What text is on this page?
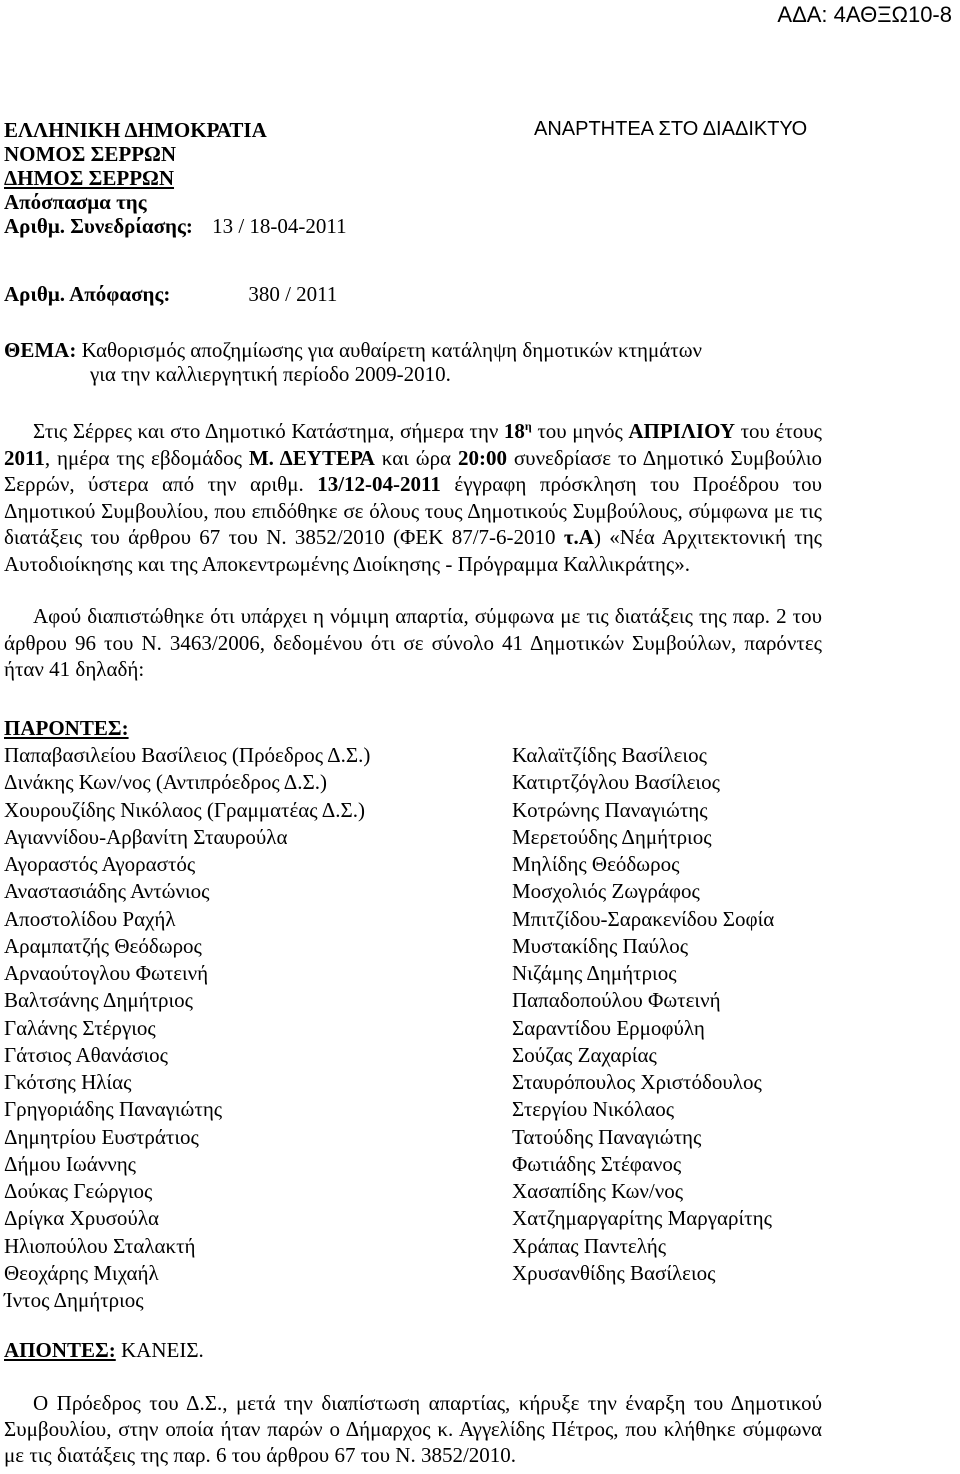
ΑΔΑ: 4ΑΘΞΩ10-8
ΕΛΛΗΝΙΚΗ ΔΗΜΟΚΡΑΤΙΑ
ΝΟΜΟΣ ΣΕΡΡΩΝ
ΔΗΜΟΣ ΣΕΡΡΩΝ
Απόσπασμα της
Αριθμ. Συνεδρίασης: 13 / 18-04-2011
ΑΝΑΡΤΗΤΕΑ ΣΤΟ ΔΙΑΔΙΚΤΥΟ
Αριθμ. Απόφασης:	380 / 2011
ΘΕΜΑ: Καθορισμός αποζημίωσης για αυθαίρετη κατάληψη δημοτικών κτημάτων
για την καλλιεργητική περίοδο 2009-2010.
Στις Σέρρες και στο Δημοτικό Κατάστημα, σήμερα την $18^\eta$ του μηνός ΑΠΡΙΛΙΟΥ του έτους 2011, ημέρα της εβδομάδος Μ. ΔΕΥΤΕΡΑ και ώρα 20:00 συνεδρίασε το Δημοτικό Συμβούλιο Σερρών, ύστερα από την αριθμ. 13/12-04-2011 έγγραφη πρόσκληση του Προέδρου του Δημοτικού Συμβουλίου, που επιδόθηκε σε όλους τους Δημοτικούς Συμβούλους, σύμφωνα με τις διατάξεις του άρθρου 67 του Ν. 3852/2010 (ΦΕΚ 87/7-6-2010 τ.Α) «Νέα Αρχιτεκτονική της Αυτοδιοίκησης και της Αποκεντρωμένης Διοίκησης - Πρόγραμμα Καλλικράτης».
Αφού διαπιστώθηκε ότι υπάρχει η νόμιμη απαρτία, σύμφωνα με τις διατάξεις της παρ. 2 του άρθρου 96 του Ν. 3463/2006, δεδομένου ότι σε σύνολο 41 Δημοτικών Συμβούλων, παρόντες ήταν 41 δηλαδή:
ΠΑΡΟΝΤΕΣ:
Παπαβασιλείου Βασίλειος (Πρόεδρος Δ.Σ.)
Δινάκης Κων/νος (Αντιπρόεδρος Δ.Σ.)
Χουρουζίδης Νικόλαος (Γραμματέας Δ.Σ.)
Αγιαννίδου-Αρβανίτη Σταυρούλα
Αγοραστός Αγοραστός
Αναστασιάδης Αντώνιος
Αποστολίδου Ραχήλ
Αραμπατζής Θεόδωρος
Αρναούτογλου Φωτεινή
Βαλτσάνης Δημήτριος
Γαλάνης Στέργιος
Γάτσιος Αθανάσιος
Γκότσης Ηλίας
Γρηγοριάδης Παναγιώτης
Δημητρίου Ευστράτιος
Δήμου Ιωάννης
Δούκας Γεώργιος
Δρίγκα Χρυσούλα
Ηλιοπούλου Σταλακτή
Θεοχάρης Μιχαήλ
Ίντος Δημήτριος
Καλαϊτζίδης Βασίλειος
Κατιρτζόγλου Βασίλειος
Κοτρώνης Παναγιώτης
Μερετούδης Δημήτριος
Μηλίδης Θεόδωρος
Μοσχολιός Ζωγράφος
Μπιτζίδου-Σαρακενίδου Σοφία
Μυστακίδης Παύλος
Νιζάμης Δημήτριος
Παπαδοπούλου Φωτεινή
Σαραντίδου Ερμοφύλη
Σούζας Ζαχαρίας
Σταυρόπουλος Χριστόδουλος
Στεργίου Νικόλαος
Τατούδης Παναγιώτης
Φωτιάδης Στέφανος
Χασαπίδης Κων/νος
Χατζημαργαρίτης Μαργαρίτης
Χράπας Παντελής
Χρυσανθίδης Βασίλειος
ΑΠΟΝΤΕΣ: ΚΑΝΕΙΣ.
Ο Πρόεδρος του Δ.Σ., μετά την διαπίστωση απαρτίας, κήρυξε την έναρξη του Δημοτικού Συμβουλίου, στην οποία ήταν παρών ο Δήμαρχος κ. Αγγελίδης Πέτρος, που κλήθηκε σύμφωνα με τις διατάξεις της παρ. 6 του άρθρου 67 του Ν. 3852/2010.
